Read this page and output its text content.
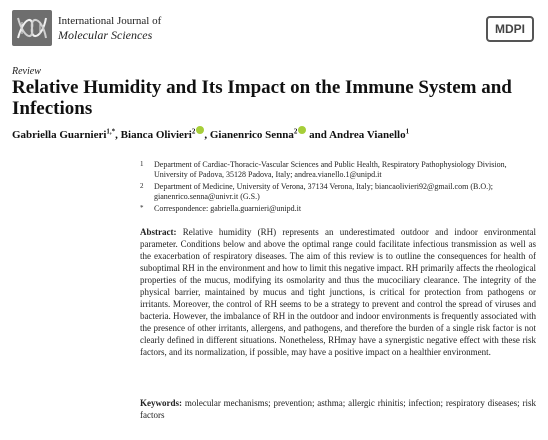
International Journal of
Molecular Sciences	MDPI
Review
Relative Humidity and Its Impact on the Immune System and Infections
Gabriella Guarnieri$^{1,*}$, Bianca Olivieri$^2$ , Gianenrico Senna$^2$ and Andrea Vianello$^1$
1 Department of Cardiac-Thoracic-Vascular Sciences and Public Health, Respiratory Pathophysiology Division, University of Padova, 35128 Padova, Italy; andrea.vianello.1@unipd.it
2 Department of Medicine, University of Verona, 37134 Verona, Italy; biancaolivieri92@gmail.com (B.O.); gianenrico.senna@univr.it (G.S.)
* Correspondence: gabriella.guarnieri@unipd.it
Abstract: Relative humidity (RH) represents an underestimated outdoor and indoor environmental parameter. Conditions below and above the optimal range could facilitate infectious transmission as well as the exacerbation of respiratory diseases. The aim of this review is to outline the consequences for health of suboptimal RH in the environment and how to limit this negative impact. RH primarily affects the rheological properties of the mucus, modifying its osmolarity and thus the mucociliary clearance. The integrity of the physical barrier, maintained by mucus and tight junctions, is critical for protection from pathogens or irritants. Moreover, the control of RH seems to be a strategy to prevent and control the spread of viruses and bacteria. However, the imbalance of RH in the outdoor and indoor environments is frequently associated with the presence of other irritants, allergens, and pathogens, and therefore the burden of a single risk factor is not clearly defined in different situations. Nonetheless, RHmay have a synergistic negative effect with these risk factors, and its normalization, if possible, may have a positive impact on a healthier environment.
Keywords: molecular mechanisms; prevention; asthma; allergic rhinitis; infection; respiratory diseases; risk factors
